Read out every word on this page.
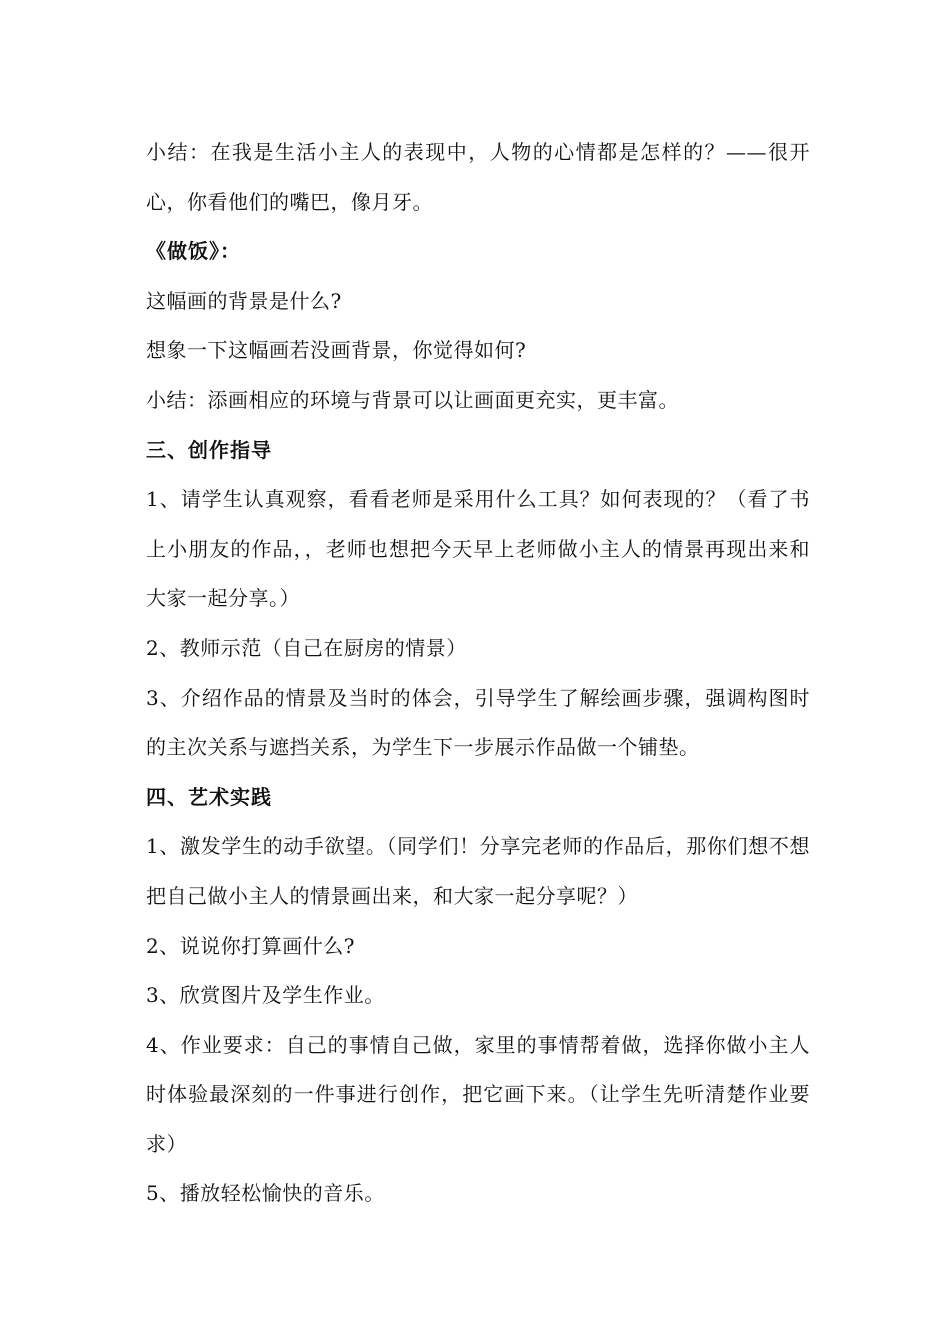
小结：在我是生活小主人的表现中，人物的心情都是怎样的？——很开心，你看他们的嘴巴，像月牙。

《做饭》：

这幅画的背景是什么?

想象一下这幅画若没画背景，你觉得如何?

小结：添画相应的环境与背景可以让画面更充实，更丰富。

三、创作指导

1、请学生认真观察，看看老师是采用什么工具？如何表现的？（看了书上小朋友的作品，，老师也想把今天早上老师做小主人的情景再现出来和大家一起分享。）

2、教师示范（自己在厨房的情景）

3、介绍作品的情景及当时的体会，引导学生了解绘画步骤，强调构图时的主次关系与遮挡关系，为学生下一步展示作品做一个铺垫。

四、艺术实践

1、激发学生的动手欲望。（同学们！分享完老师的作品后，那你们想不想把自己做小主人的情景画出来，和大家一起分享呢？）

2、说说你打算画什么?

3、欣赏图片及学生作业。

4、作业要求：自己的事情自己做，家里的事情帮着做，选择你做小主人时体验最深刻的一件事进行创作，把它画下来。（让学生先听清楚作业要求）

5、播放轻松愉快的音乐。
